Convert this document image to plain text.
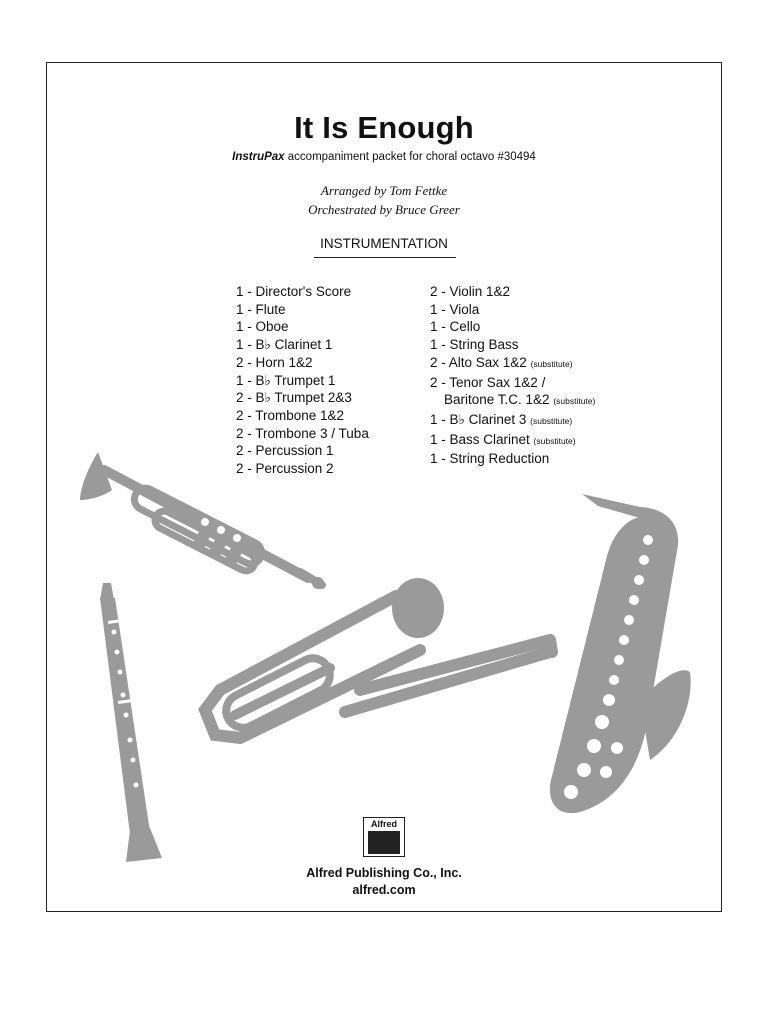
It Is Enough
InstruPax accompaniment packet for choral octavo #30494
Arranged by Tom Fettke
Orchestrated by Bruce Greer
INSTRUMENTATION
1 - Director's Score
1 - Flute
1 - Oboe
1 - B♭ Clarinet 1
2 - Horn 1&2
1 - B♭ Trumpet 1
2 - B♭ Trumpet 2&3
2 - Trombone 1&2
2 - Trombone 3 / Tuba
2 - Percussion 1
2 - Percussion 2
2 - Violin 1&2
1 - Viola
1 - Cello
1 - String Bass
2 - Alto Sax 1&2 (substitute)
2 - Tenor Sax 1&2 /
Baritone T.C. 1&2 (substitute)
1 - B♭ Clarinet 3 (substitute)
1 - Bass Clarinet (substitute)
1 - String Reduction
Alfred
Alfred Publishing Co., Inc.
alfred.com
